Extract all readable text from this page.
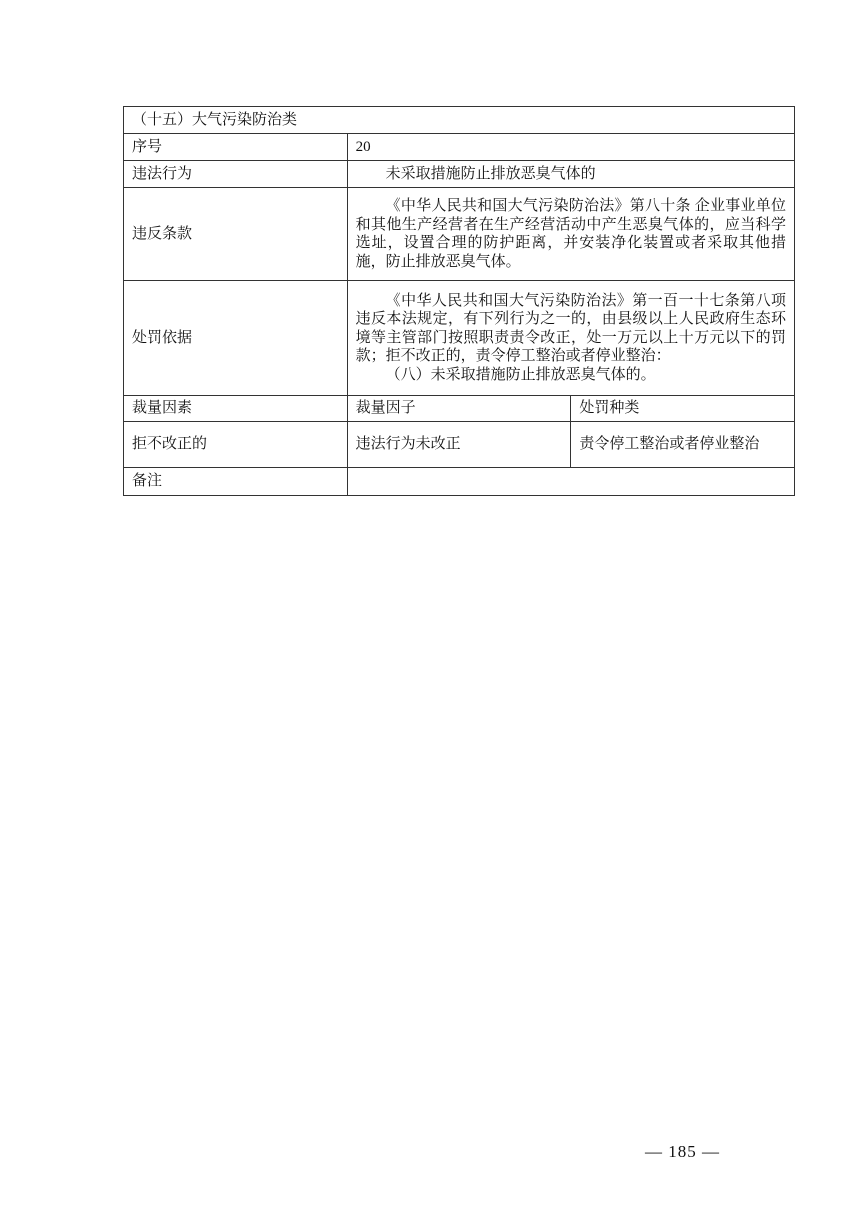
（十五）大气污染防治类		
序号	20	
违法行为	未采取措施防止排放恶臭气体的	
违反条款	《中华人民共和国大气污染防治法》第八十条 企业事业单位和其他生产经营者在生产经营活动中产生恶臭气体的，应当科学选址，设置合理的防护距离，并安装净化装置或者采取其他措施，防止排放恶臭气体。	
处罚依据	《中华人民共和国大气污染防治法》第一百一十七条第八项 违反本法规定，有下列行为之一的，由县级以上人民政府生态环境等主管部门按照职责责令改正，处一万元以上十万元以下的罚款；拒不改正的，责令停工整治或者停业整治：
（八）未采取措施防止排放恶臭气体的。	

裁量因素	裁量因子	处罚种类
拒不改正的	违法行为未改正	责令停工整治或者停业整治
备注		
— 185 —
